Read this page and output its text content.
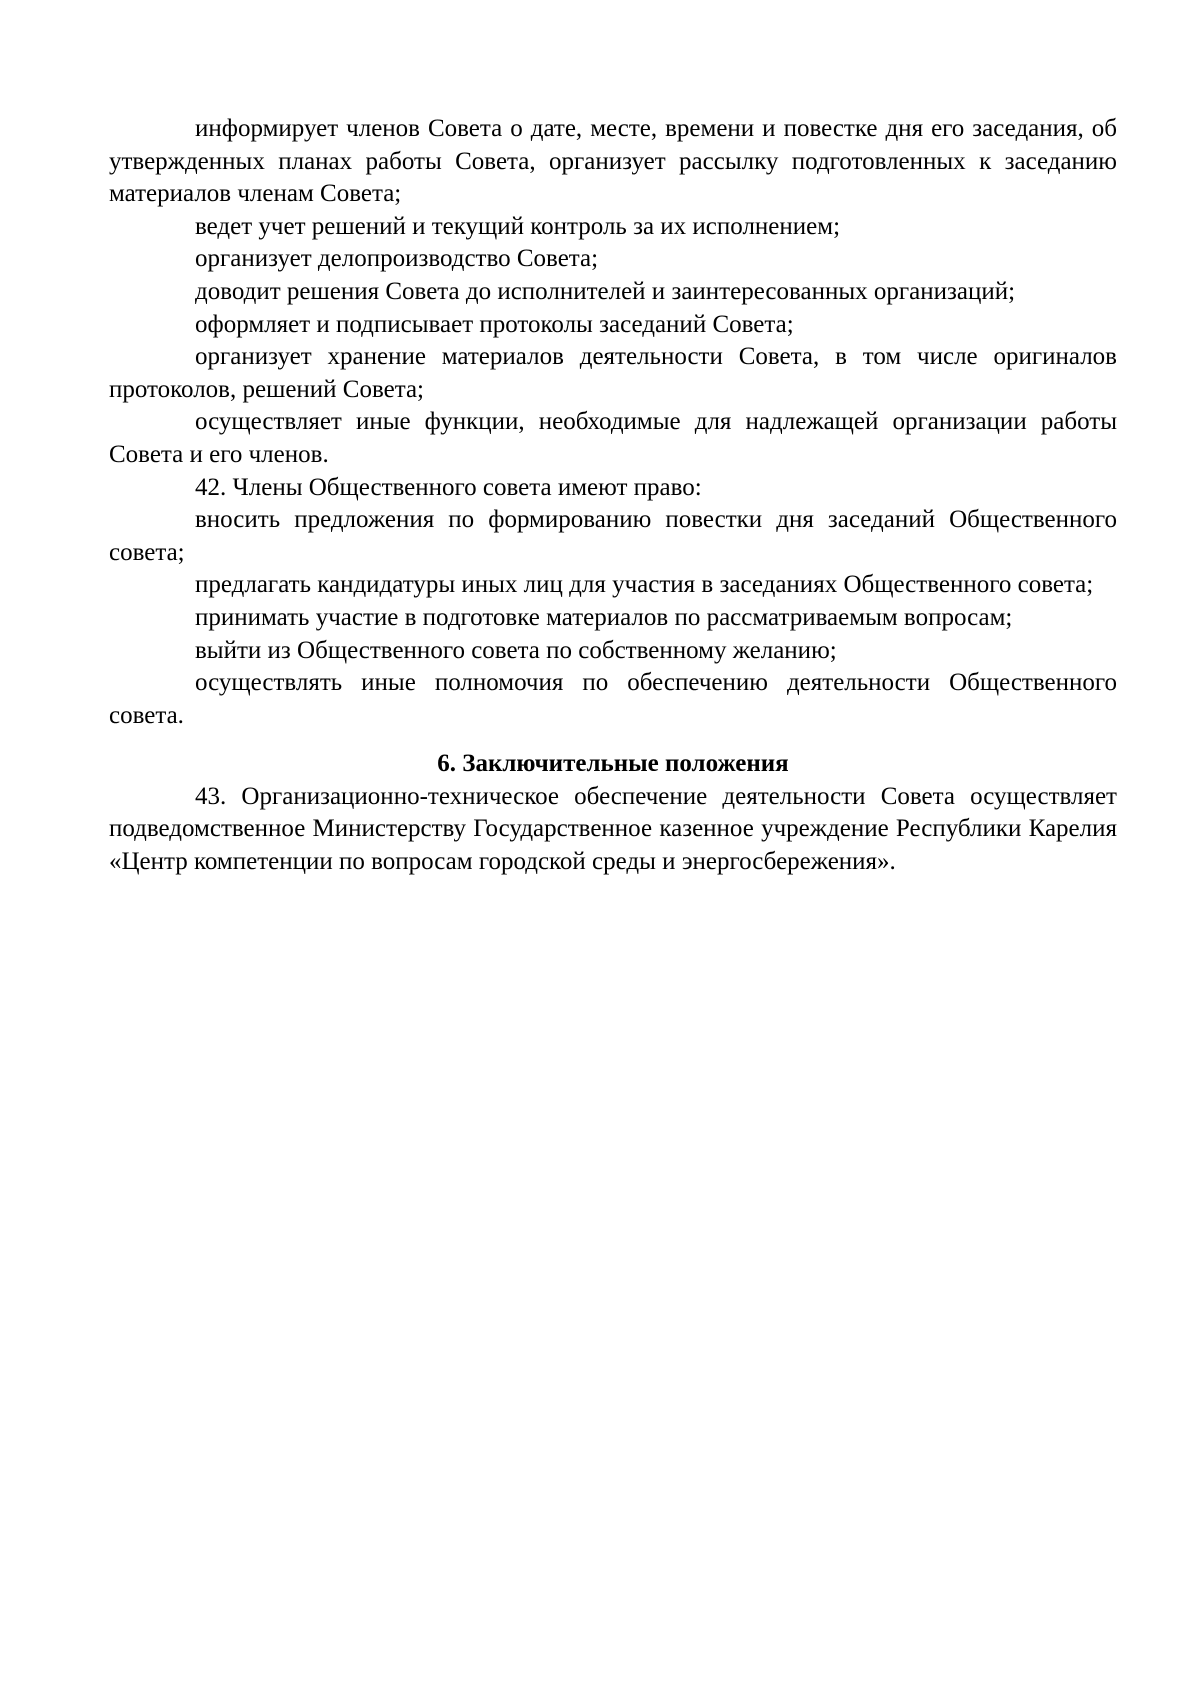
информирует членов Совета о дате, месте, времени и повестке дня его заседания, об утвержденных планах работы Совета, организует рассылку подготовленных к заседанию материалов членам Совета;

ведет учет решений и текущий контроль за их исполнением;

организует делопроизводство Совета;

доводит решения Совета до исполнителей и заинтересованных организаций;

оформляет и подписывает протоколы заседаний Совета;

организует хранение материалов деятельности Совета, в том числе оригиналов протоколов, решений Совета;

осуществляет иные функции, необходимые для надлежащей организации работы Совета и его членов.

42. Члены Общественного совета имеют право:

вносить предложения по формированию повестки дня заседаний Общественного совета;

предлагать кандидатуры иных лиц для участия в заседаниях Общественного совета;

принимать участие в подготовке материалов по рассматриваемым вопросам;

выйти из Общественного совета по собственному желанию;

осуществлять иные полномочия по обеспечению деятельности Общественного совета.

6. Заключительные положения

43. Организационно-техническое обеспечение деятельности Совета осуществляет подведомственное Министерству Государственное казенное учреждение Республики Карелия «Центр компетенции по вопросам городской среды и энергосбережения».
